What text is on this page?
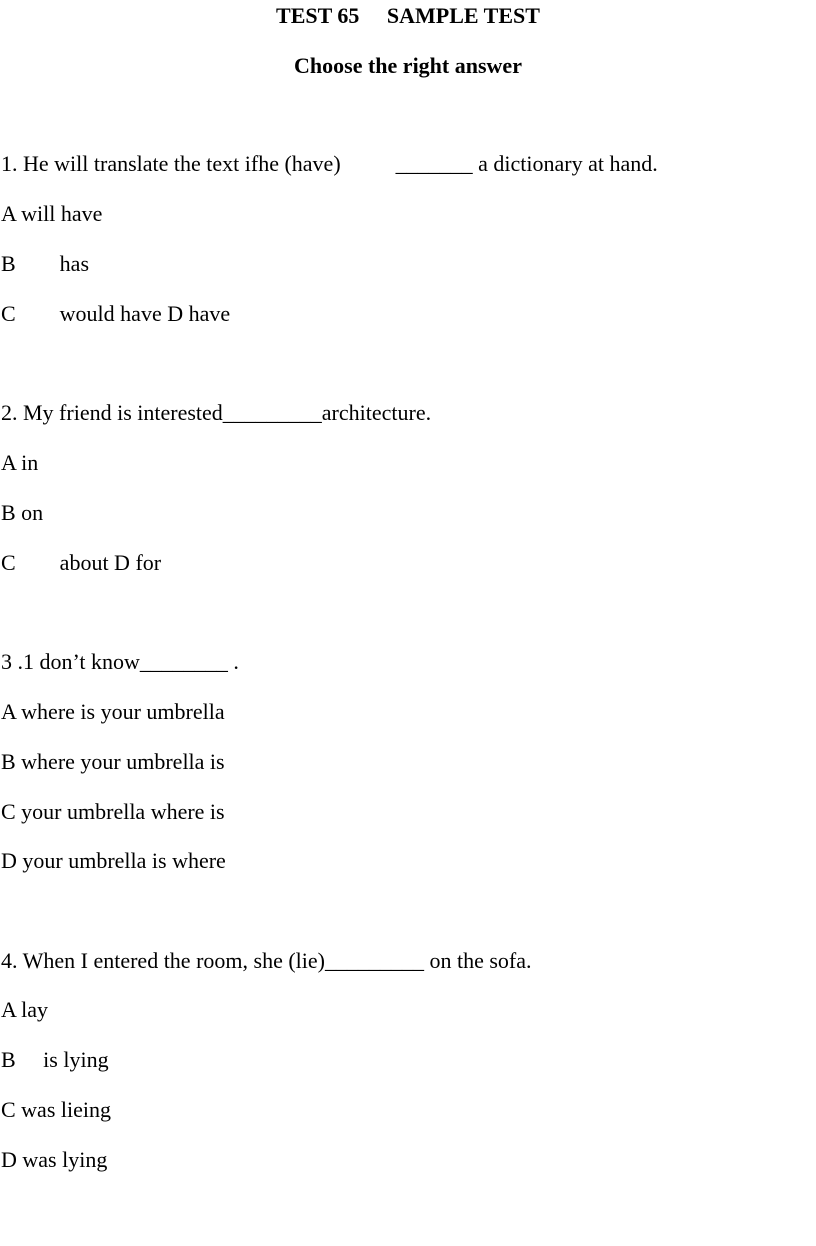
TEST 65     SAMPLE TEST
Choose the right answer
1. He will translate the text ifhe (have)          _______ a dictionary at hand.
A will have
B        has
C        would have D have
2. My friend is interested_________architecture.
A in
B on
C        about D for
3 .1 don’t know________ .
A where is your umbrella
B where your umbrella is
C your umbrella where is
D your umbrella is where
4. When I entered the room, she (lie)_________ on the sofa.
A lay
B     is lying
C was lieing
D was lying
